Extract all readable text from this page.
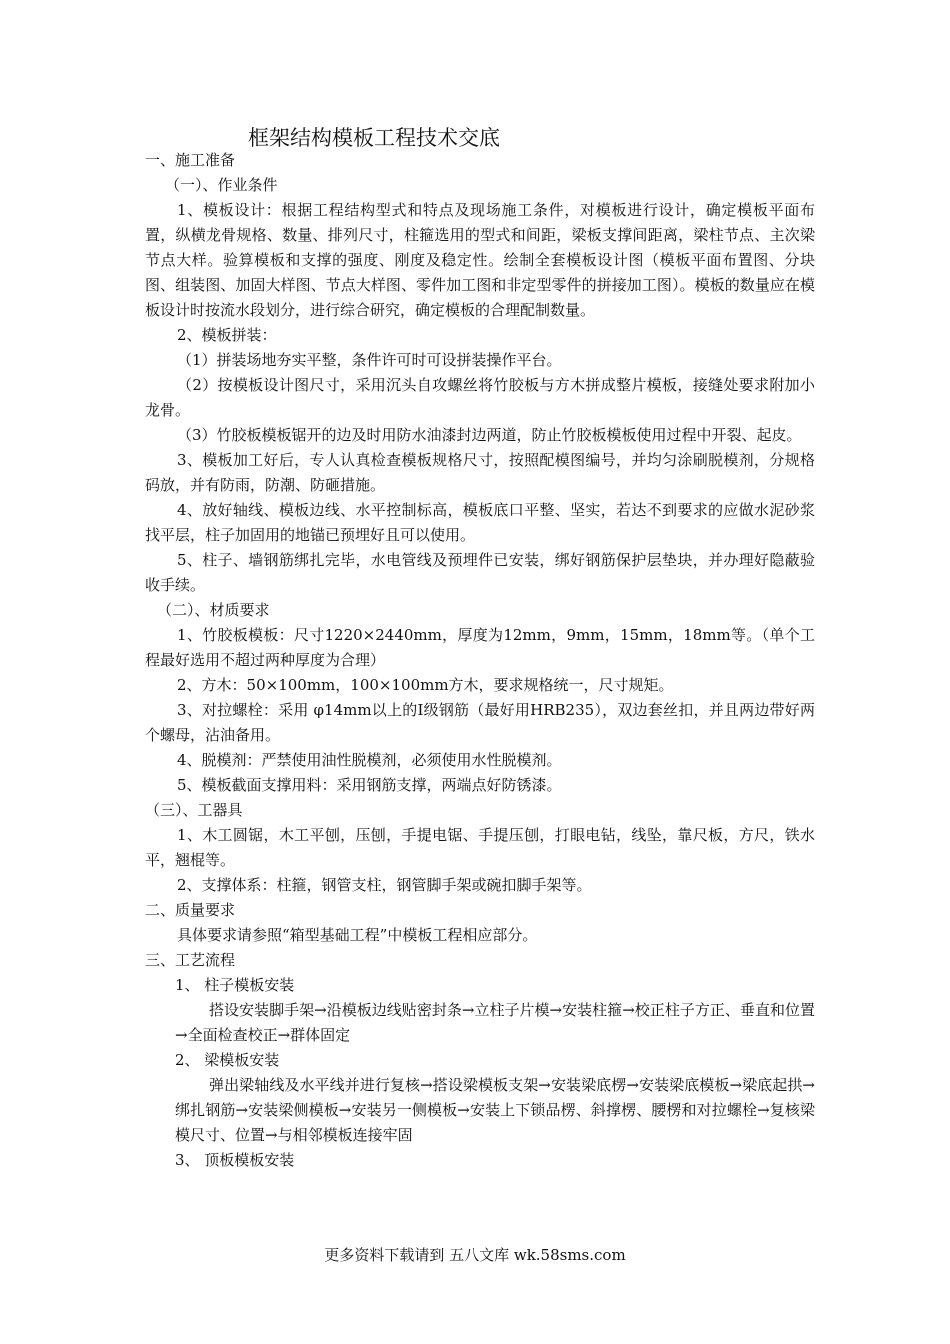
框架结构模板工程技术交底

一、施工准备

（一）、作业条件

1、模板设计：根据工程结构型式和特点及现场施工条件，对模板进行设计，确定模板平面布置，纵横龙骨规格、数量、排列尺寸，柱箍选用的型式和间距，梁板支撑间距离，梁柱节点、主次梁节点大样。验算模板和支撑的强度、刚度及稳定性。绘制全套模板设计图（模板平面布置图、分块图、组装图、加固大样图、节点大样图、零件加工图和非定型零件的拼接加工图）。模板的数量应在模板设计时按流水段划分，进行综合研究，确定模板的合理配制数量。

2、模板拼装：

（1）拼装场地夯实平整，条件许可时可设拼装操作平台。

（2）按模板设计图尺寸，采用沉头自攻螺丝将竹胶板与方木拼成整片模板，接缝处要求附加小龙骨。

（3）竹胶板模板锯开的边及时用防水油漆封边两道，防止竹胶板模板使用过程中开裂、起皮。

3、模板加工好后，专人认真检查模板规格尺寸，按照配模图编号，并均匀涂刷脱模剂，分规格码放，并有防雨，防潮、防砸措施。

4、放好轴线、模板边线、水平控制标高，模板底口平整、坚实，若达不到要求的应做水泥砂浆找平层，柱子加固用的地锚已预埋好且可以使用。

5、柱子、墙钢筋绑扎完毕，水电管线及预埋件已安装，绑好钢筋保护层垫块，并办理好隐蔽验收手续。

（二）、材质要求

1、竹胶板模板：尺寸1220×2440mm，厚度为12mm，9mm，15mm，18mm等。（单个工程最好选用不超过两种厚度为合理）

2、方木：50×100mm，100×100mm方木，要求规格统一，尺寸规矩。

3、对拉螺栓：采用 φ14mm以上的Ⅰ级钢筋（最好用HRB235），双边套丝扣，并且两边带好两个螺母，沾油备用。

4、脱模剂：严禁使用油性脱模剂，必须使用水性脱模剂。

5、模板截面支撑用料：采用钢筋支撑，两端点好防锈漆。

（三）、工器具

1、木工圆锯，木工平刨，压刨，手提电锯、手提压刨，打眼电钻，线坠，靠尺板，方尺，铁水平，翘棍等。

2、支撑体系：柱箍，钢管支柱，钢管脚手架或碗扣脚手架等。

二、质量要求

具体要求请参照“箱型基础工程”中模板工程相应部分。

三、工艺流程

1、 柱子模板安装

搭设安装脚手架→沿模板边线贴密封条→立柱子片模→安装柱箍→校正柱子方正、垂直和位置→全面检查校正→群体固定

2、 梁模板安装

弹出梁轴线及水平线并进行复核→搭设梁模板支架→安装梁底楞→安装梁底模板→梁底起拱→绑扎钢筋→安装梁侧模板→安装另一侧模板→安装上下锁品楞、斜撑楞、腰楞和对拉螺栓→复核梁模尺寸、位置→与相邻模板连接牢固

3、 顶板模板安装

更多资料下载请到 五八文库 wk.58sms.com
